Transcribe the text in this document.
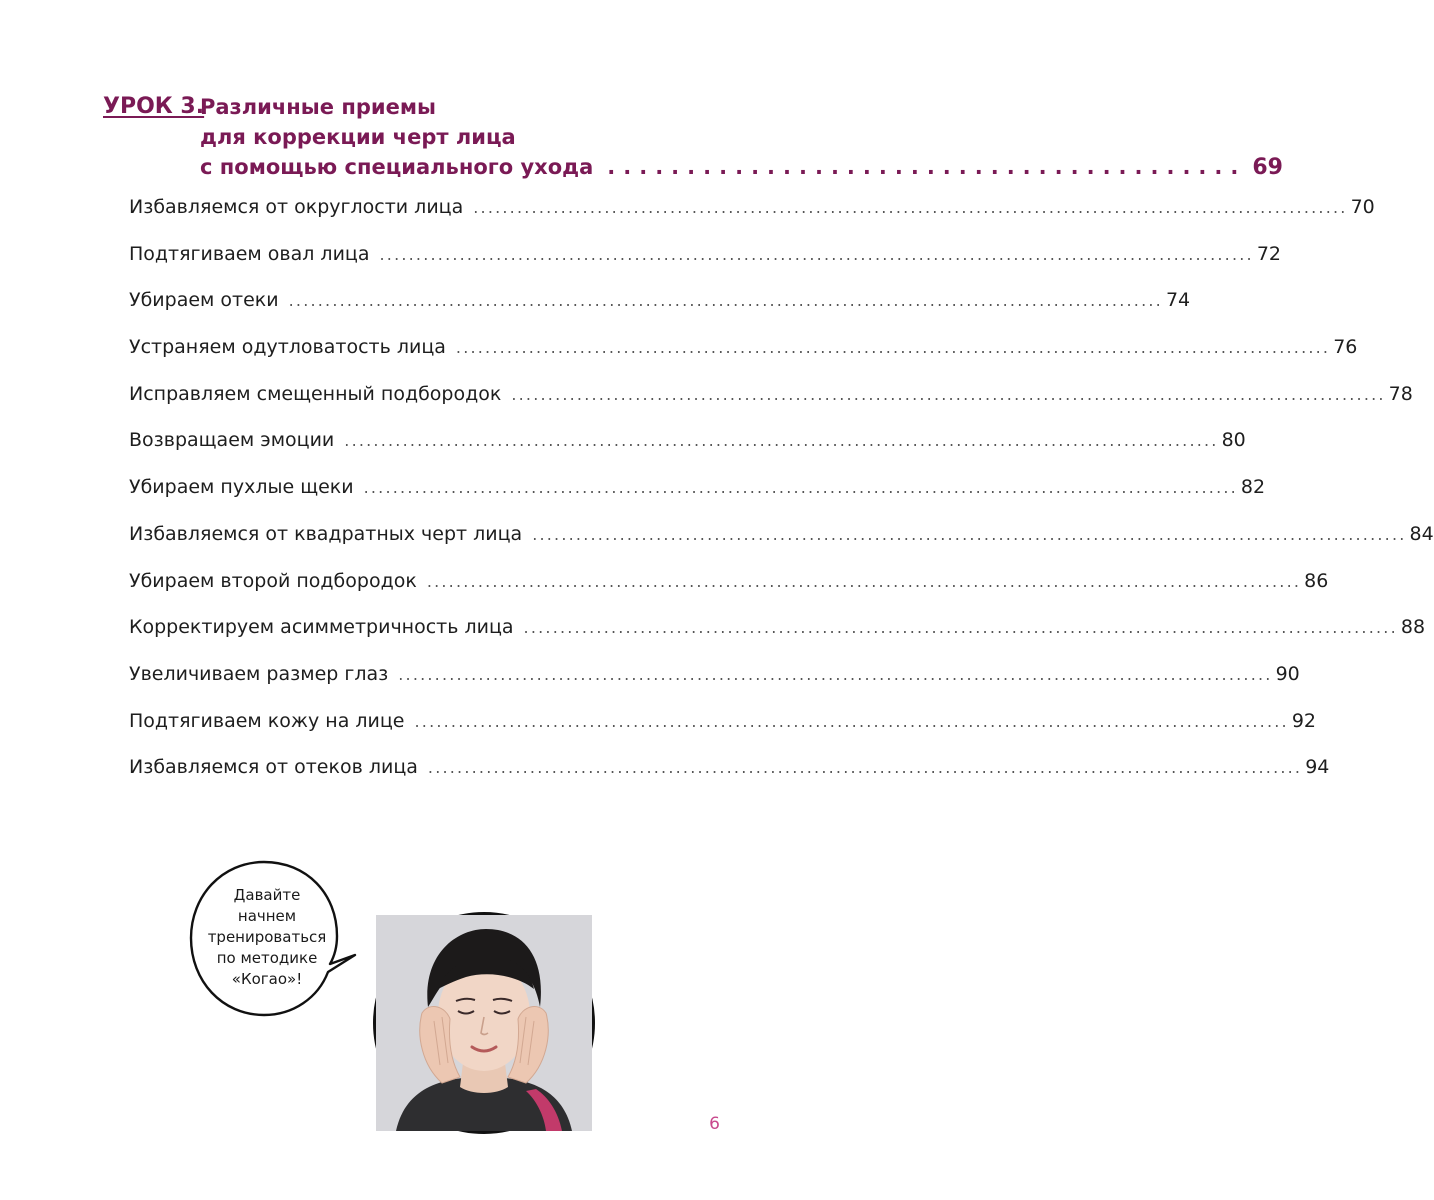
УРОК 3.
Различные приемы
для коррекции черт лица
с помощью специального ухода ........................................ 69
Избавляемся от округлости лица ........................................................................................................................ 70
Подтягиваем овал лица ........................................................................................................................ 72
Убираем отеки ........................................................................................................................ 74
Устраняем одутловатость лица ........................................................................................................................ 76
Исправляем смещенный подбородок ........................................................................................................................ 78
Возвращаем эмоции ........................................................................................................................ 80
Убираем пухлые щеки ........................................................................................................................ 82
Избавляемся от квадратных черт лица ........................................................................................................................ 84
Убираем второй подбородок ........................................................................................................................ 86
Корректируем асимметричность лица ........................................................................................................................ 88
Увеличиваем размер глаз ........................................................................................................................ 90
Подтягиваем кожу на лице ........................................................................................................................ 92
Избавляемся от отеков лица ........................................................................................................................ 94
Давайте
начнем
тренироваться
по методике
«Когао»!
6
